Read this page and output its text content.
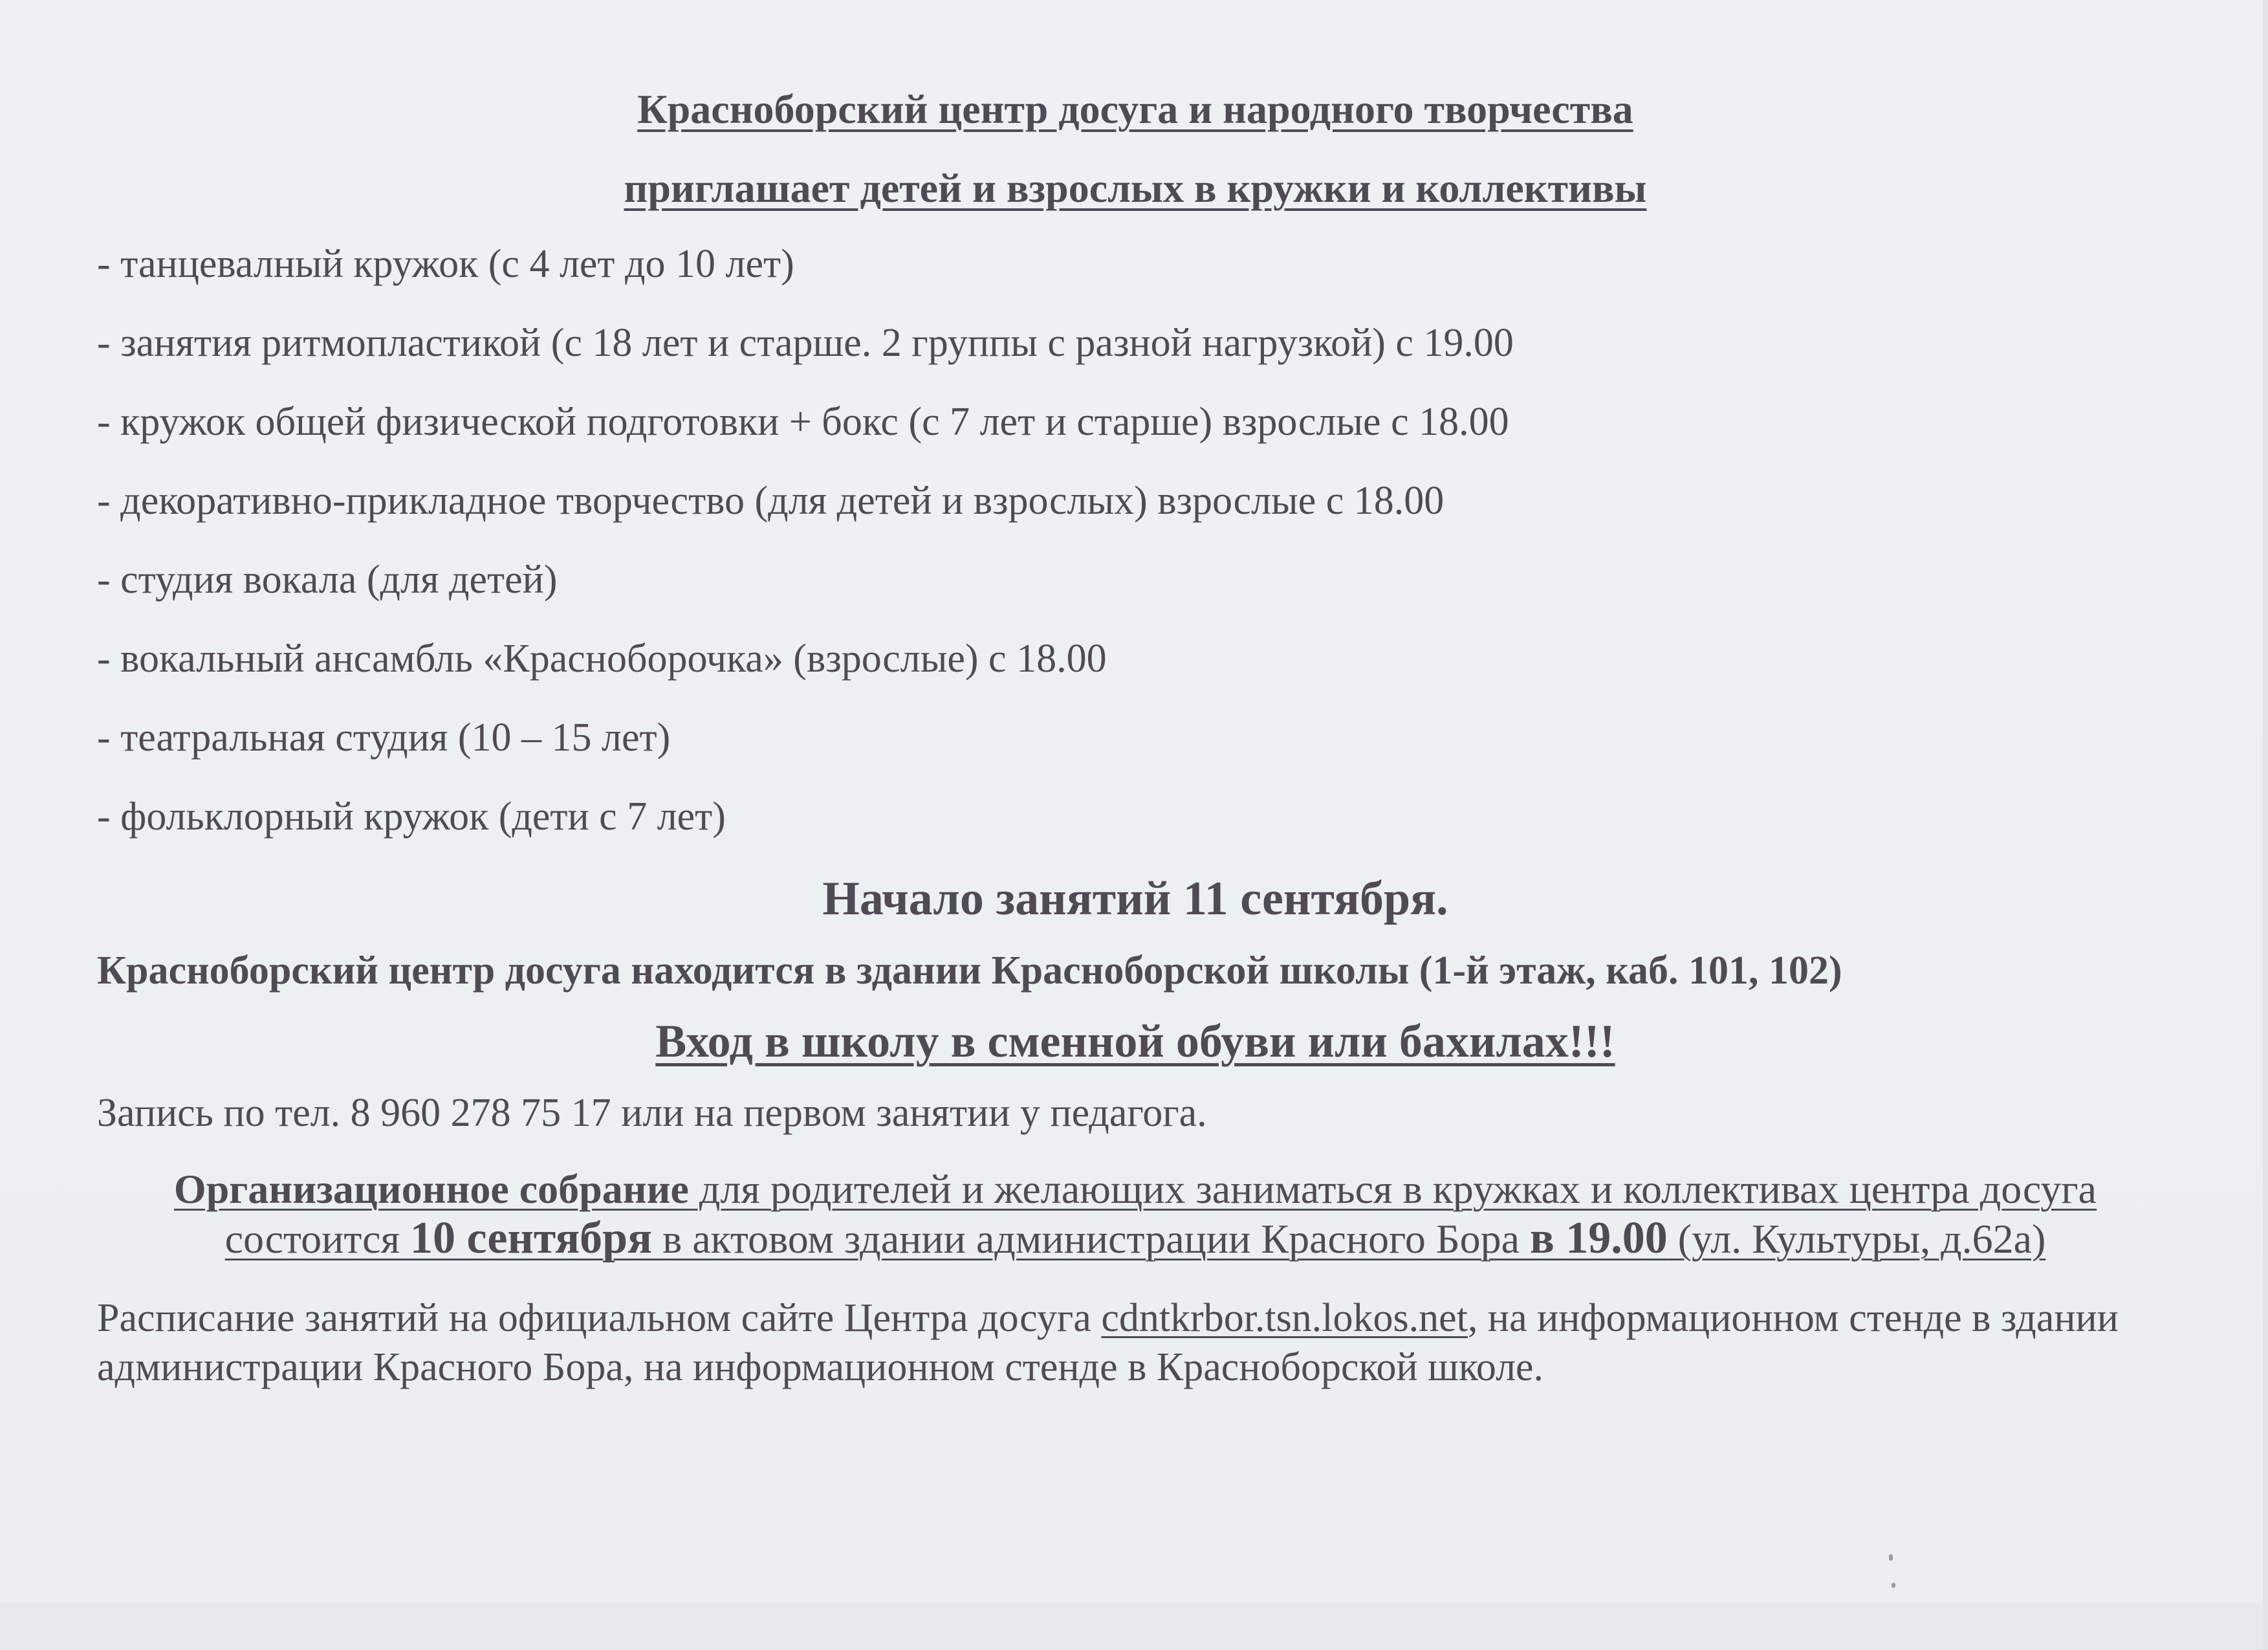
Красноборский центр досуга и народного творчества
приглашает детей и взрослых в кружки и коллективы
- танцевалный кружок (с 4 лет до 10 лет)
- занятия ритмопластикой (с 18 лет и старше. 2 группы с разной нагрузкой) с 19.00
- кружок общей физической подготовки + бокс (с 7 лет и старше) взрослые с 18.00
- декоративно-прикладное творчество (для детей и взрослых) взрослые с 18.00
- студия вокала (для детей)
- вокальный ансамбль «Красноборочка» (взрослые) с 18.00
- театральная студия (10 – 15 лет)
- фольклорный кружок (дети с 7 лет)
Начало занятий 11 сентября.
Красноборский центр досуга находится в здании Красноборской школы (1-й этаж, каб. 101, 102)
Вход в школу в сменной обуви или бахилах!!!
Запись по тел. 8 960 278 75 17 или на первом занятии у педагога.
Организационное собрание для родителей и желающих заниматься в кружках и коллективах центра досуга состоится 10 сентября в актовом здании администрации Красного Бора в 19.00 (ул. Культуры, д.62а)
Расписание занятий на официальном сайте Центра досуга cdntkrbor.tsn.lokos.net, на информационном стенде в здании администрации Красного Бора, на информационном стенде в Красноборской школе.
